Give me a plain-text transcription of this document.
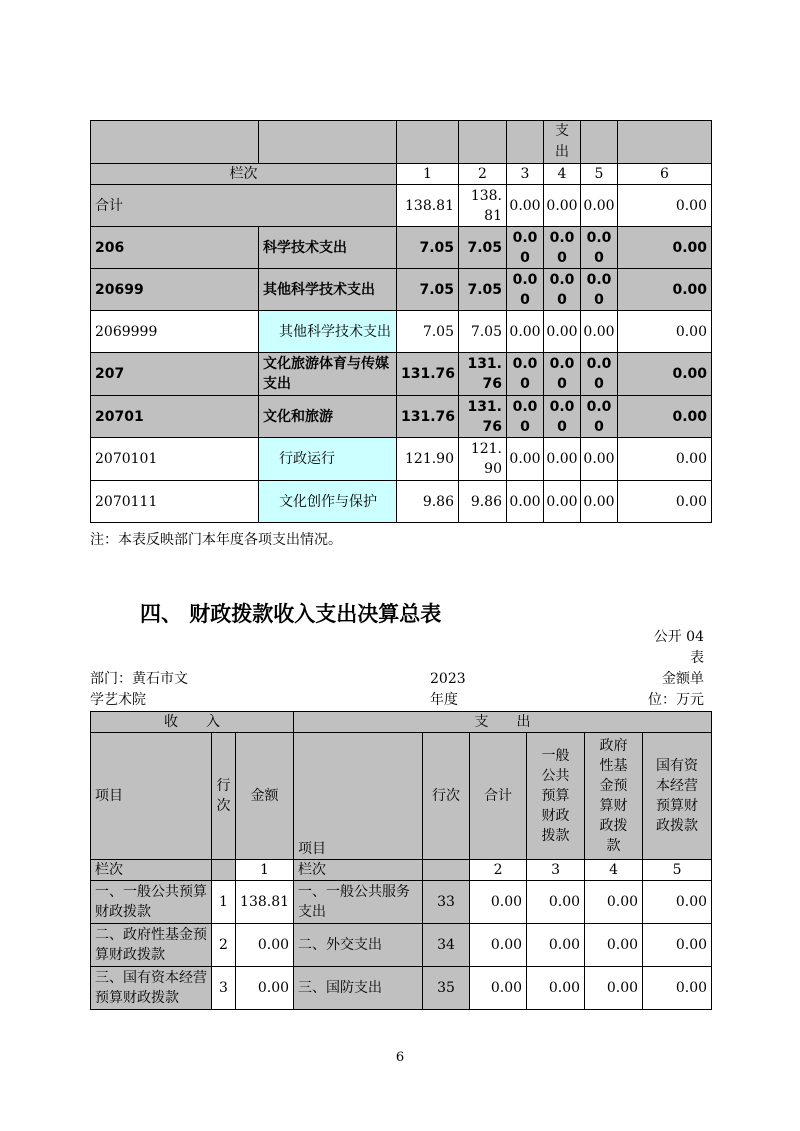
					支出		
栏次		1	2	3	4	5	6
合计		138.81	138.81	0.00	0.00	0.00	0.00
206	科学技术支出	7.05	7.05	0.00	0.00	0.00	0.00
20699	其他科学技术支出	7.05	7.05	0.00	0.00	0.00	0.00
2069999	其他科学技术支出	7.05	7.05	0.00	0.00	0.00	0.00
207	文化旅游体育与传媒支出	131.76	131.76	0.00	0.00	0.00	0.00
20701	文化和旅游	131.76	131.76	0.00	0.00	0.00	0.00
2070101	行政运行	121.90	121.90	0.00	0.00	0.00	0.00
2070111	文化创作与保护	9.86	9.86	0.00	0.00	0.00	0.00
注：本表反映部门本年度各项支出情况。
四、 财政拨款收入支出决算总表
公开 04
表
部门：黄石市文
学艺术院
2023
年度
金额单
位：万元
收　　入			支　　出					
项目	行次	金额	项目	行次	合计	一般公共预算财政拨款	政府性基金预算财政拨款	国有资本经营预算财政拨款
栏次		1	栏次		2	3	4	5
一、一般公共预算财政拨款	1	138.81	一、一般公共服务支出	33	0.00	0.00	0.00	0.00
二、政府性基金预算财政拨款	2	0.00	二、外交支出	34	0.00	0.00	0.00	0.00
三、国有资本经营预算财政拨款	3	0.00	三、国防支出	35	0.00	0.00	0.00	0.00
6
